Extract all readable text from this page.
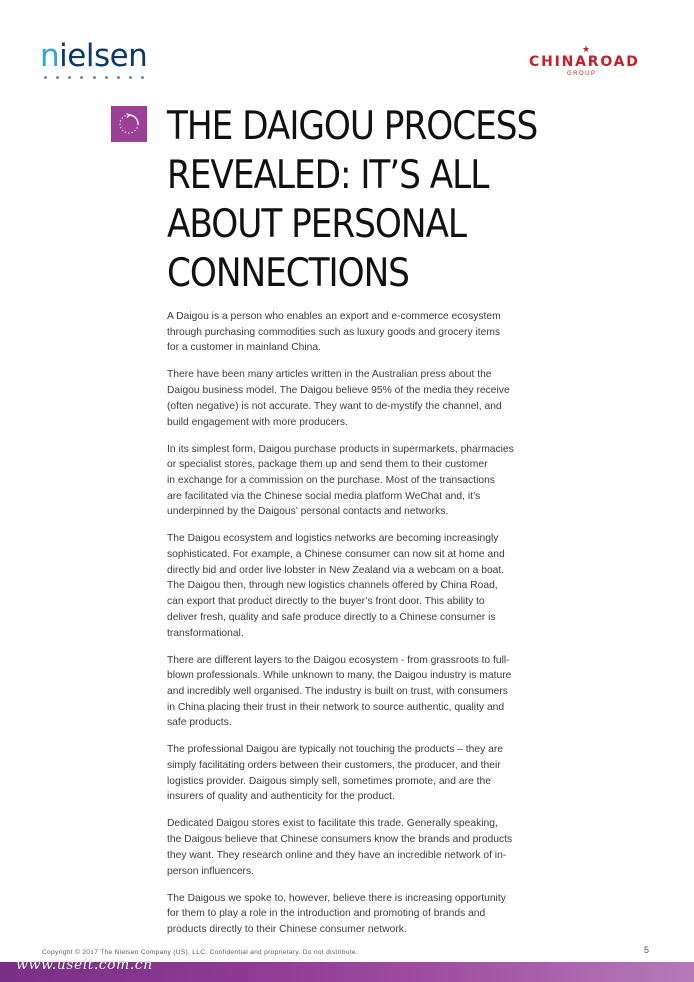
nielsen	★
CHINAROAD
GROUP
THE DAIGOU PROCESS
REVEALED: IT’S ALL
ABOUT PERSONAL
CONNECTIONS

A Daigou is a person who enables an export and e-commerce ecosystem
through purchasing commodities such as luxury goods and grocery items
for a customer in mainland China.

There have been many articles written in the Australian press about the
Daigou business model. The Daigou believe 95% of the media they receive
(often negative) is not accurate. They want to de-mystify the channel, and
build engagement with more producers.

In its simplest form, Daigou purchase products in supermarkets, pharmacies
or specialist stores, package them up and send them to their customer
in exchange for a commission on the purchase. Most of the transactions
are facilitated via the Chinese social media platform WeChat and, it’s
underpinned by the Daigous’ personal contacts and networks.

The Daigou ecosystem and logistics networks are becoming increasingly
sophisticated. For example, a Chinese consumer can now sit at home and
directly bid and order live lobster in New Zealand via a webcam on a boat.
The Daigou then, through new logistics channels offered by China Road,
can export that product directly to the buyer’s front door. This ability to
deliver fresh, quality and safe produce directly to a Chinese consumer is
transformational.

There are different layers to the Daigou ecosystem - from grassroots to full-
blown professionals. While unknown to many, the Daigou industry is mature
and incredibly well organised. The industry is built on trust, with consumers
in China placing their trust in their network to source authentic, quality and
safe products.

The professional Daigou are typically not touching the products – they are
simply facilitating orders between their customers, the producer, and their
logistics provider. Daigous simply sell, sometimes promote, and are the
insurers of quality and authenticity for the product.

Dedicated Daigou stores exist to facilitate this trade. Generally speaking,
the Daigous believe that Chinese consumers know the brands and products
they want. They research online and they have an incredible network of in-
person influencers.

The Daigous we spoke to, however, believe there is increasing opportunity
for them to play a role in the introduction and promoting of brands and
products directly to their Chinese consumer network.

Copyright © 2017 The Nielsen Company (US), LLC. Confidential and proprietary. Do not distribute.	5
www.useit.com.cn
